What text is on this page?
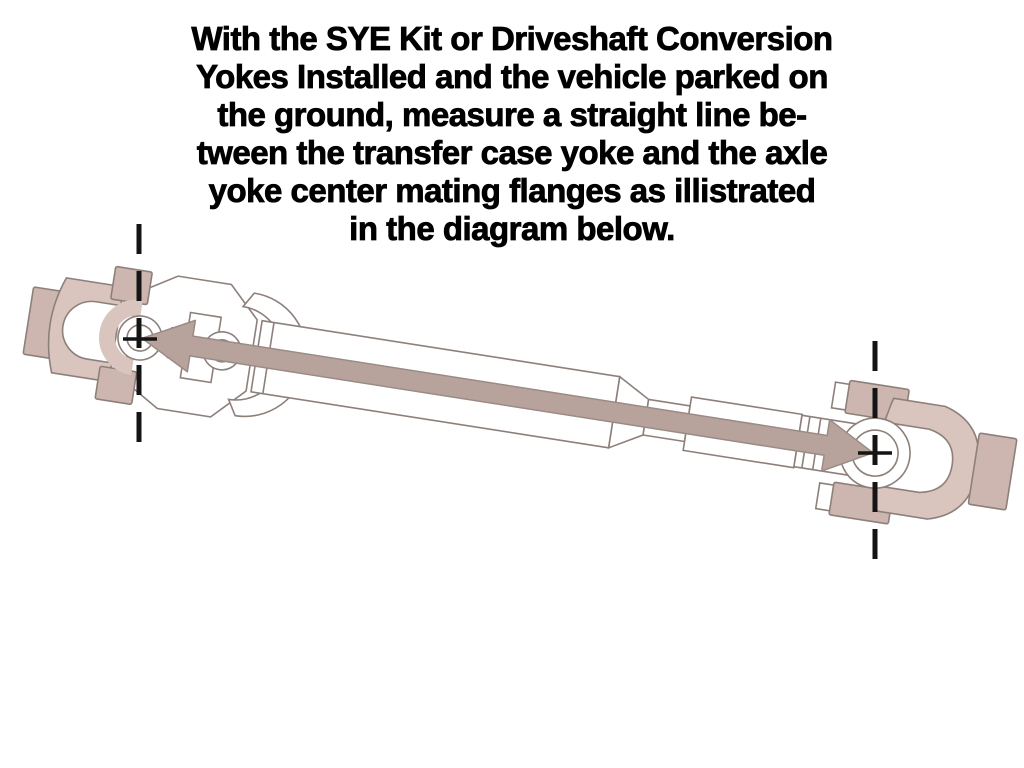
With the SYE Kit or Driveshaft Conversion
Yokes Installed and the vehicle parked on
the ground, measure a straight line be-
tween the transfer case yoke and the axle
yoke center mating flanges as illistrated
in the diagram below.
